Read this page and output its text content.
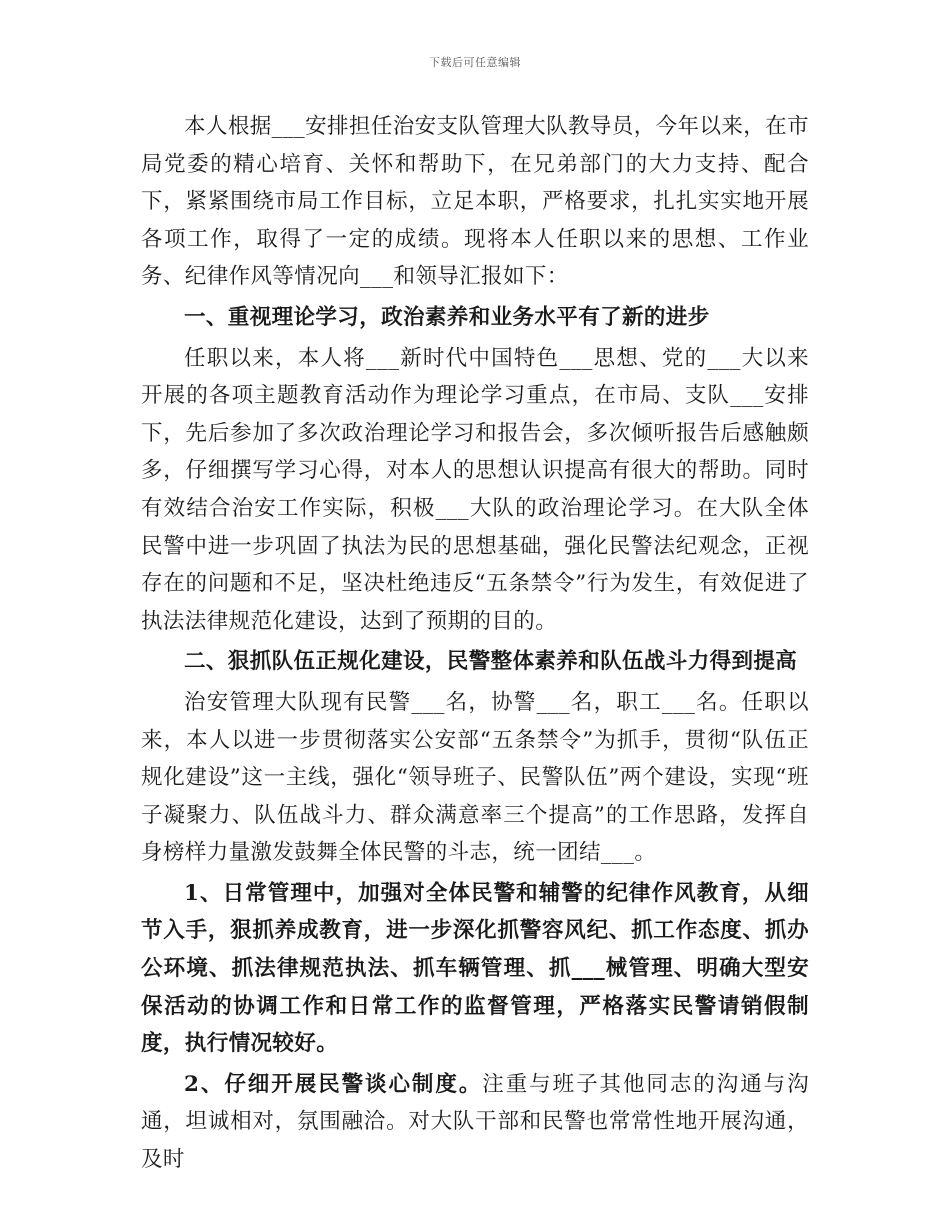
下载后可任意编辑

本人根据___安排担任治安支队管理大队教导员，今年以来，在市局党委的精心培育、关怀和帮助下，在兄弟部门的大力支持、配合下，紧紧围绕市局工作目标，立足本职，严格要求，扎扎实实地开展各项工作，取得了一定的成绩。现将本人任职以来的思想、工作业务、纪律作风等情况向___和领导汇报如下：

一、重视理论学习，政治素养和业务水平有了新的进步

任职以来，本人将___新时代中国特色___思想、党的___大以来开展的各项主题教育活动作为理论学习重点，在市局、支队___安排下，先后参加了多次政治理论学习和报告会，多次倾听报告后感触颇多，仔细撰写学习心得，对本人的思想认识提高有很大的帮助。同时有效结合治安工作实际，积极___大队的政治理论学习。在大队全体民警中进一步巩固了执法为民的思想基础，强化民警法纪观念，正视存在的问题和不足，坚决杜绝违反“五条禁令”行为发生，有效促进了执法法律规范化建设，达到了预期的目的。

二、狠抓队伍正规化建设，民警整体素养和队伍战斗力得到提高

治安管理大队现有民警___名，协警___名，职工___名。任职以来，本人以进一步贯彻落实公安部“五条禁令”为抓手，贯彻“队伍正规化建设”这一主线，强化“领导班子、民警队伍”两个建设，实现“班子凝聚力、队伍战斗力、群众满意率三个提高”的工作思路，发挥自身榜样力量激发鼓舞全体民警的斗志，统一团结___。

1、日常管理中，加强对全体民警和辅警的纪律作风教育，从细节入手，狠抓养成教育，进一步深化抓警容风纪、抓工作态度、抓办公环境、抓法律规范执法、抓车辆管理、抓___械管理、明确大型安保活动的协调工作和日常工作的监督管理，严格落实民警请销假制度，执行情况较好。

2、仔细开展民警谈心制度。注重与班子其他同志的沟通与沟通，坦诚相对，氛围融洽。对大队干部和民警也常常性地开展沟通，及时
